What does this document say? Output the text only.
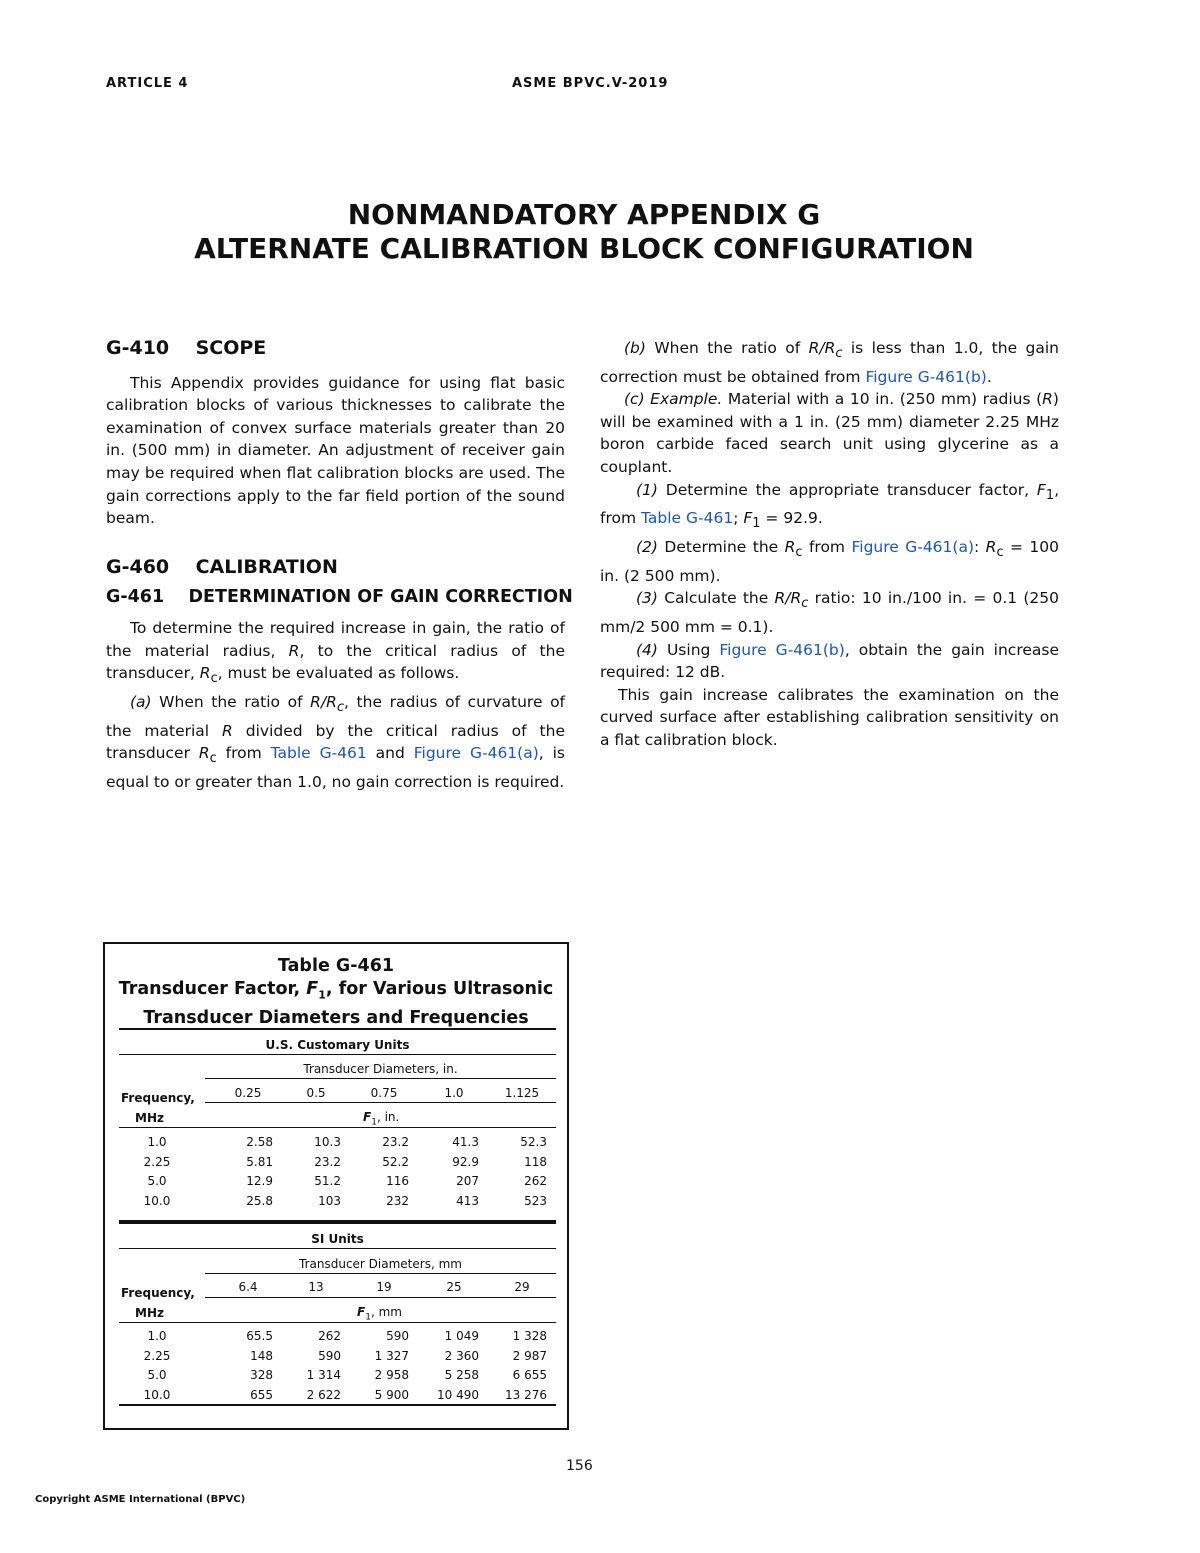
ARTICLE 4	ASME BPVC.V-2019
NONMANDATORY APPENDIX G
ALTERNATE CALIBRATION BLOCK CONFIGURATION

G-410    SCOPE

This Appendix provides guidance for using flat basic calibration blocks of various thicknesses to calibrate the examination of convex surface materials greater than 20 in. (500 mm) in diameter. An adjustment of receiver gain may be required when flat calibration blocks are used. The gain corrections apply to the far field portion of the sound beam.

G-460    CALIBRATION

G-461    DETERMINATION OF GAIN CORRECTION

To determine the required increase in gain, the ratio of the material radius, R, to the critical radius of the transducer, $R_c$, must be evaluated as follows.

(a) When the ratio of $R/R_c$, the radius of curvature of the material R divided by the critical radius of the transducer $R_c$ from Table G-461 and Figure G-461(a), is equal to or greater than 1.0, no gain correction is required.

(b) When the ratio of $R/R_c$ is less than 1.0, the gain correction must be obtained from Figure G-461(b).

(c) Example. Material with a 10 in. (250 mm) radius (R) will be examined with a 1 in. (25 mm) diameter 2.25 MHz boron carbide faced search unit using glycerine as a couplant.

(1) Determine the appropriate transducer factor, $F_1$, from Table G-461; $F_1 = 92.9$.

(2) Determine the $R_c$ from Figure G-461(a): $R_c = 100$ in. (2 500 mm).

(3) Calculate the $R/R_c$ ratio: 10 in./100 in. = 0.1 (250 mm/2 500 mm = 0.1).

(4) Using Figure G-461(b), obtain the gain increase required: 12 dB.

This gain increase calibrates the examination on the curved surface after establishing calibration sensitivity on a flat calibration block.

Table G-461
Transducer Factor, $F_1$, for Various Ultrasonic
Transducer Diameters and Frequencies
U.S. Customary Units
Transducer Diameters, in.
Frequency,
MHz
0.25	0.5	0.75	1.0	1.125
$F_1$, in.
1.0	2.58	10.3	23.2	41.3	52.3
2.25	5.81	23.2	52.2	92.9	118
5.0	12.9	51.2	116	207	262
10.0	25.8	103	232	413	523
SI Units
Transducer Diameters, mm
Frequency,
MHz
6.4	13	19	25	29
$F_1$, mm
1.0	65.5	262	590	1 049	1 328
2.25	148	590	1 327	2 360	2 987
5.0	328	1 314	2 958	5 258	6 655
10.0	655	2 622	5 900	10 490	13 276
156
Copyright ASME International (BPVC)
